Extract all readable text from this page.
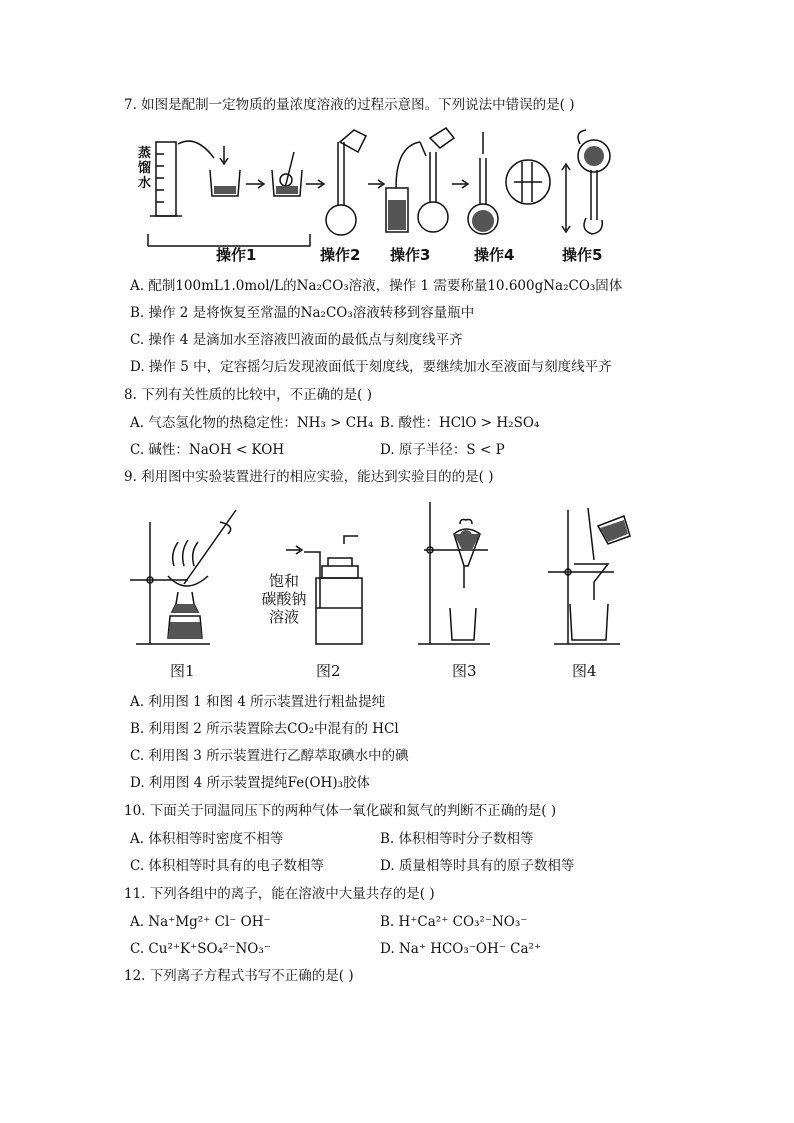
7. 如图是配制一定物质的量浓度溶液的过程示意图。下列说法中错误的是( )
蒸
馏
水
操作1	操作2 操作3	操作4	操作5
A. 配制100mL1.0mol/L的Na₂CO₃溶液，操作 1 需要称量10.600gNa₂CO₃固体
B. 操作 2 是将恢复至常温的Na₂CO₃溶液转移到容量瓶中
C. 操作 4 是滴加水至溶液凹液面的最低点与刻度线平齐
D. 操作 5 中，定容摇匀后发现液面低于刻度线，要继续加水至液面与刻度线平齐
8. 下列有关性质的比较中，不正确的是( )
A. 气态氢化物的热稳定性：NH₃ > CH₄ B. 酸性：HClO > H₂SO₄
C. 碱性：NaOH < KOH	D. 原子半径：S < P
9. 利用图中实验装置进行的相应实验，能达到实验目的的是( )
饱和
碳酸钠
溶液
图1	图2	图3	图4
A. 利用图 1 和图 4 所示装置进行粗盐提纯
B. 利用图 2 所示装置除去CO₂中混有的 HCl
C. 利用图 3 所示装置进行乙醇萃取碘水中的碘
D. 利用图 4 所示装置提纯Fe(OH)₃胶体
10. 下面关于同温同压下的两种气体一氧化碳和氮气的判断不正确的是( )
A. 体积相等时密度不相等	B. 体积相等时分子数相等
C. 体积相等时具有的电子数相等	D. 质量相等时具有的原子数相等
11. 下列各组中的离子，能在溶液中大量共存的是( )
A. Na⁺Mg²⁺ Cl⁻ OH⁻	B. H⁺Ca²⁺ CO₃²⁻NO₃⁻
C. Cu²⁺K⁺SO₄²⁻NO₃⁻	D. Na⁺ HCO₃⁻OH⁻ Ca²⁺
12. 下列离子方程式书写不正确的是( )
